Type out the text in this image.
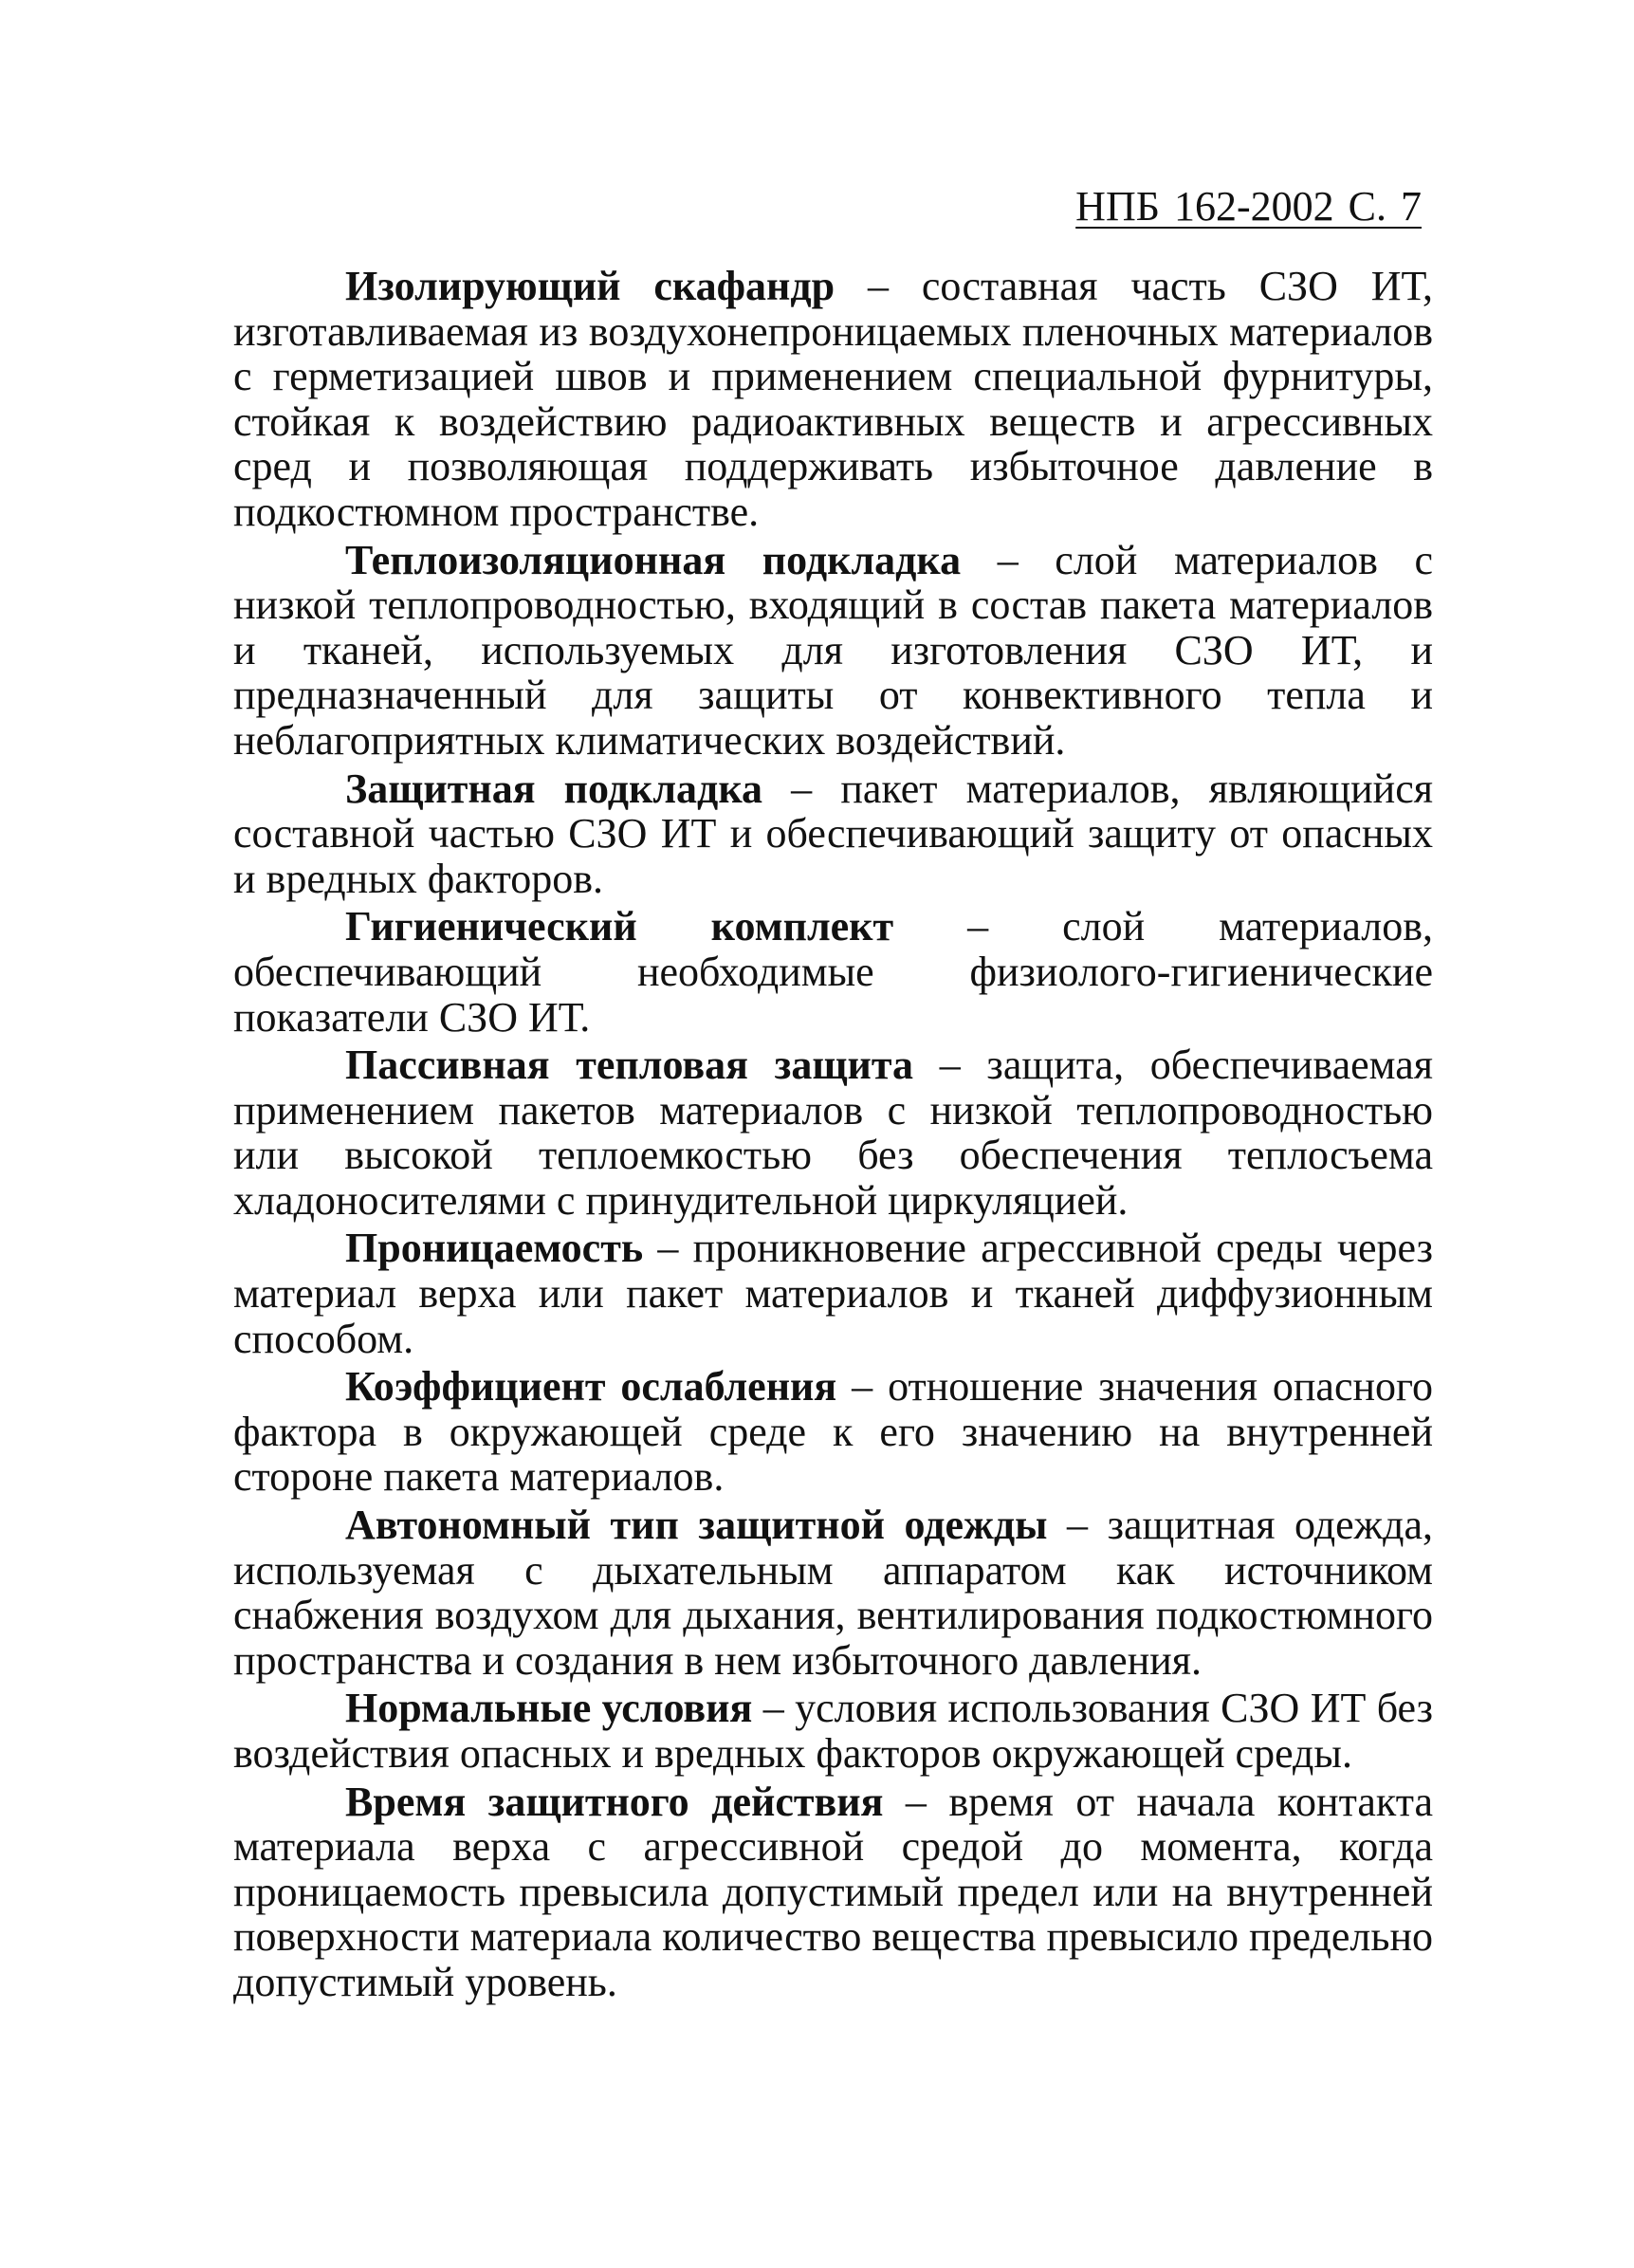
НПБ 162-2002 С. 7

Изолирующий скафандр – составная часть СЗО ИТ, изготавливаемая из воздухонепроницаемых пленочных материалов с герметизацией швов и применением специальной фурнитуры, стойкая к воздействию радиоактивных веществ и агрессивных сред и позволяющая поддерживать избыточное давление в подкостюмном пространстве.

Теплоизоляционная подкладка – слой материалов с низкой теплопроводностью, входящий в состав пакета материалов и тканей, используемых для изготовления СЗО ИТ, и предназначенный для защиты от конвективного тепла и неблагоприятных климатических воздействий.

Защитная подкладка – пакет материалов, являющийся составной частью СЗО ИТ и обеспечивающий защиту от опасных и вредных факторов.

Гигиенический комплект – слой материалов, обеспечивающий необходимые физиолого-гигиенические показатели СЗО ИТ.

Пассивная тепловая защита – защита, обеспечиваемая применением пакетов материалов с низкой теплопроводностью или высокой теплоемкостью без обеспечения теплосъема хладоносителями с принудительной циркуляцией.

Проницаемость – проникновение агрессивной среды через материал верха или пакет материалов и тканей диффузионным способом.

Коэффициент ослабления – отношение значения опасного фактора в окружающей среде к его значению на внутренней стороне пакета материалов.

Автономный тип защитной одежды – защитная одежда, используемая с дыхательным аппаратом как источником снабжения воздухом для дыхания, вентилирования подкостюмного пространства и создания в нем избыточного давления.

Нормальные условия – условия использования СЗО ИТ без воздействия опасных и вредных факторов окружающей среды.

Время защитного действия – время от начала контакта материала верха с агрессивной средой до момента, когда проницаемость превысила допустимый предел или на внутренней поверхности материала количество вещества превысило предельно допустимый уровень.
